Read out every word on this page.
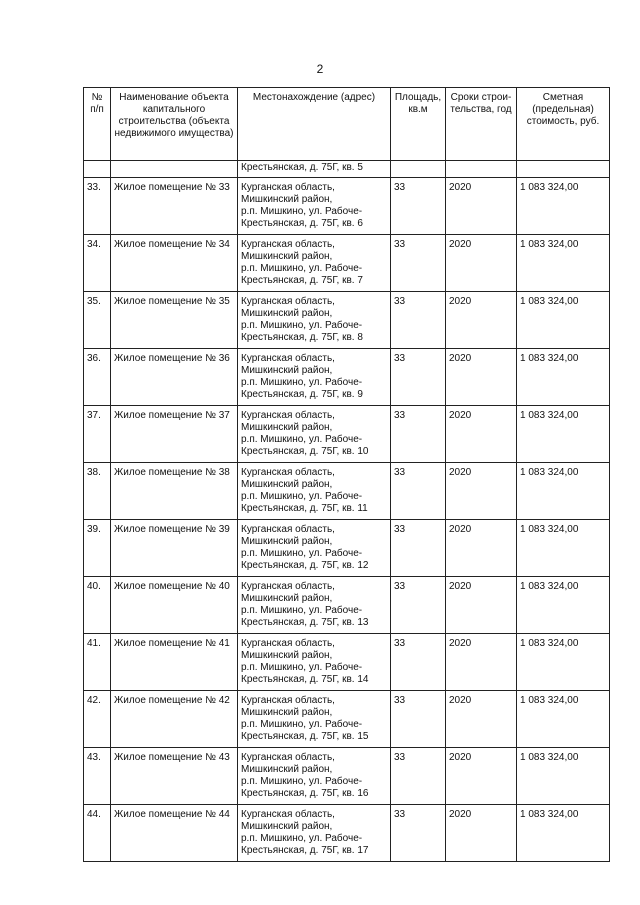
2
№ п/п	Наименование объекта капитального строительства (объекта недвижимого имущества)	Местонахождение (адрес)	Площадь, кв.м	Сроки строи-тельства, год	Сметная (предельная) стоимость, руб.
		Крестьянская, д. 75Г, кв. 5			
33.	Жилое помещение № 33	Курганская область,
Мишкинский район,
р.п. Мишкино, ул. Рабоче-
Крестьянская, д. 75Г, кв. 6	33	2020	1 083 324,00
34.	Жилое помещение № 34	Курганская область,
Мишкинский район,
р.п. Мишкино, ул. Рабоче-
Крестьянская, д. 75Г, кв. 7	33	2020	1 083 324,00
35.	Жилое помещение № 35	Курганская область,
Мишкинский район,
р.п. Мишкино, ул. Рабоче-
Крестьянская, д. 75Г, кв. 8	33	2020	1 083 324,00
36.	Жилое помещение № 36	Курганская область,
Мишкинский район,
р.п. Мишкино, ул. Рабоче-
Крестьянская, д. 75Г, кв. 9	33	2020	1 083 324,00
37.	Жилое помещение № 37	Курганская область,
Мишкинский район,
р.п. Мишкино, ул. Рабоче-
Крестьянская, д. 75Г, кв. 10	33	2020	1 083 324,00
38.	Жилое помещение № 38	Курганская область,
Мишкинский район,
р.п. Мишкино, ул. Рабоче-
Крестьянская, д. 75Г, кв. 11	33	2020	1 083 324,00
39.	Жилое помещение № 39	Курганская область,
Мишкинский район,
р.п. Мишкино, ул. Рабоче-
Крестьянская, д. 75Г, кв. 12	33	2020	1 083 324,00
40.	Жилое помещение № 40	Курганская область,
Мишкинский район,
р.п. Мишкино, ул. Рабоче-
Крестьянская, д. 75Г, кв. 13	33	2020	1 083 324,00
41.	Жилое помещение № 41	Курганская область,
Мишкинский район,
р.п. Мишкино, ул. Рабоче-
Крестьянская, д. 75Г, кв. 14	33	2020	1 083 324,00
42.	Жилое помещение № 42	Курганская область,
Мишкинский район,
р.п. Мишкино, ул. Рабоче-
Крестьянская, д. 75Г, кв. 15	33	2020	1 083 324,00
43.	Жилое помещение № 43	Курганская область,
Мишкинский район,
р.п. Мишкино, ул. Рабоче-
Крестьянская, д. 75Г, кв. 16	33	2020	1 083 324,00
44.	Жилое помещение № 44	Курганская область,
Мишкинский район,
р.п. Мишкино, ул. Рабоче-
Крестьянская, д. 75Г, кв. 17	33	2020	1 083 324,00
